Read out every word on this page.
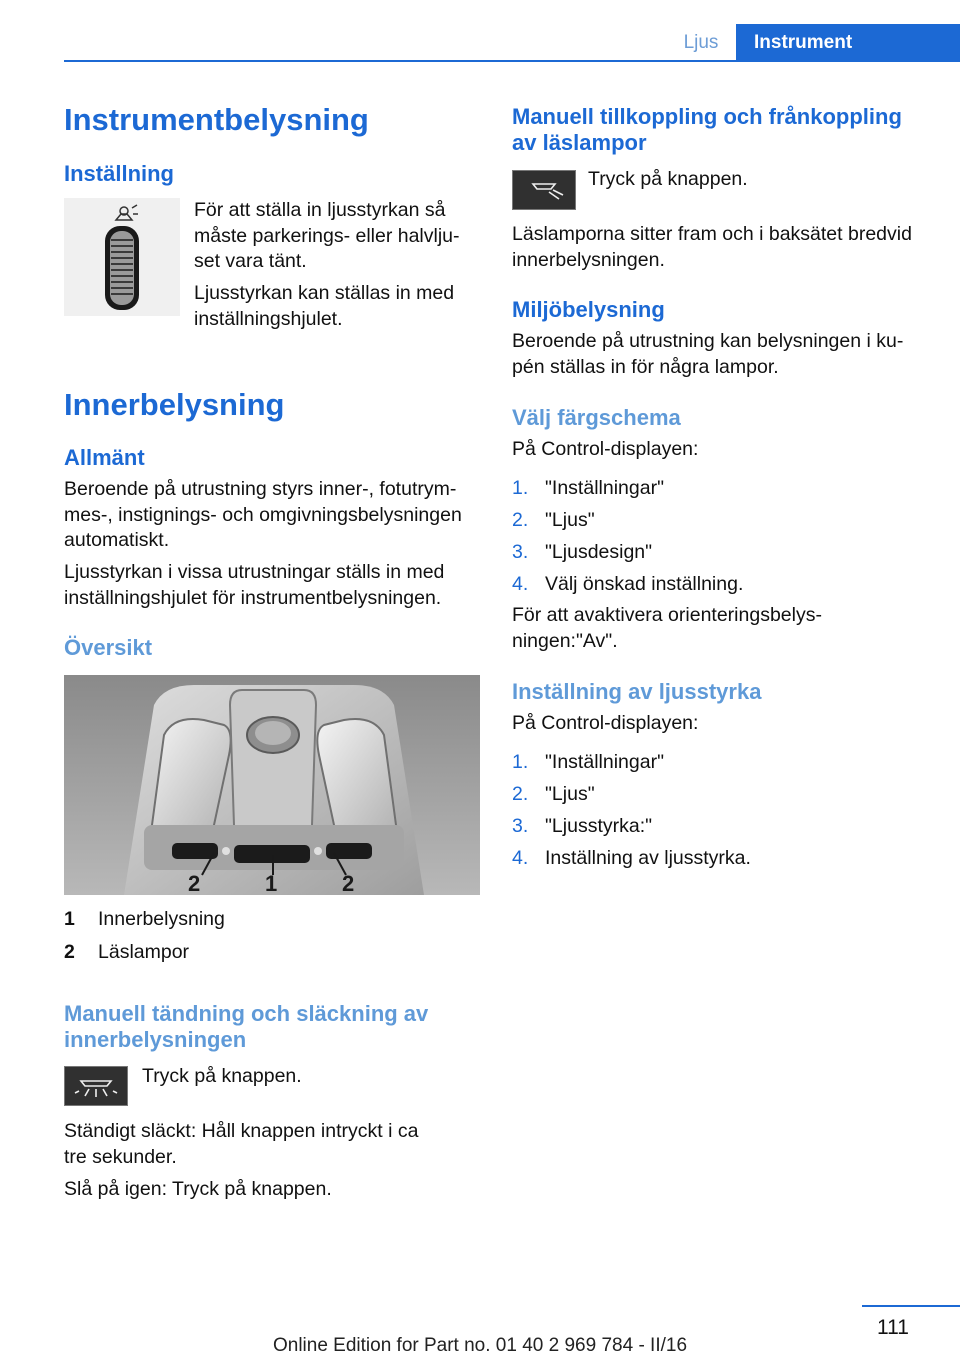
Ljus	Instrument
Instrumentbelysning
Inställning

För att ställa in ljusstyrkan så måste parkerings- eller halvlju-set vara tänt.

Ljusstyrkan kan ställas in med inställningshjulet.

Innerbelysning
Allmänt

Beroende på utrustning styrs inner-, fotutrym-mes-, instignings- och omgivningsbelysningen automatiskt.

Ljusstyrkan i vissa utrustningar ställs in med inställningshjulet för instrumentbelysningen.

Översikt
2	1	2
1 Innerbelysning
2 Läslampor
Manuell tändning och släckning av innerbelysningen

Tryck på knappen.

Ständigt släckt: Håll knappen intryckt i ca tre sekunder.

Slå på igen: Tryck på knappen.

Manuell tillkoppling och frånkoppling av läslampor

Tryck på knappen.

Läslamporna sitter fram och i baksätet bredvid innerbelysningen.

Miljöbelysning

Beroende på utrustning kan belysningen i ku-pén ställas in för några lampor.

Välj färgschema

På Control-displayen:

1. "Inställningar"
2. "Ljus"
3. "Ljusdesign"
4. Välj önskad inställning.

För att avaktivera orienteringsbelys-ningen:"Av".

Inställning av ljusstyrka

På Control-displayen:

1. "Inställningar"
2. "Ljus"
3. "Ljusstyrka:"
4. Inställning av ljusstyrka.
111
Online Edition for Part no. 01 40 2 969 784 - II/16
